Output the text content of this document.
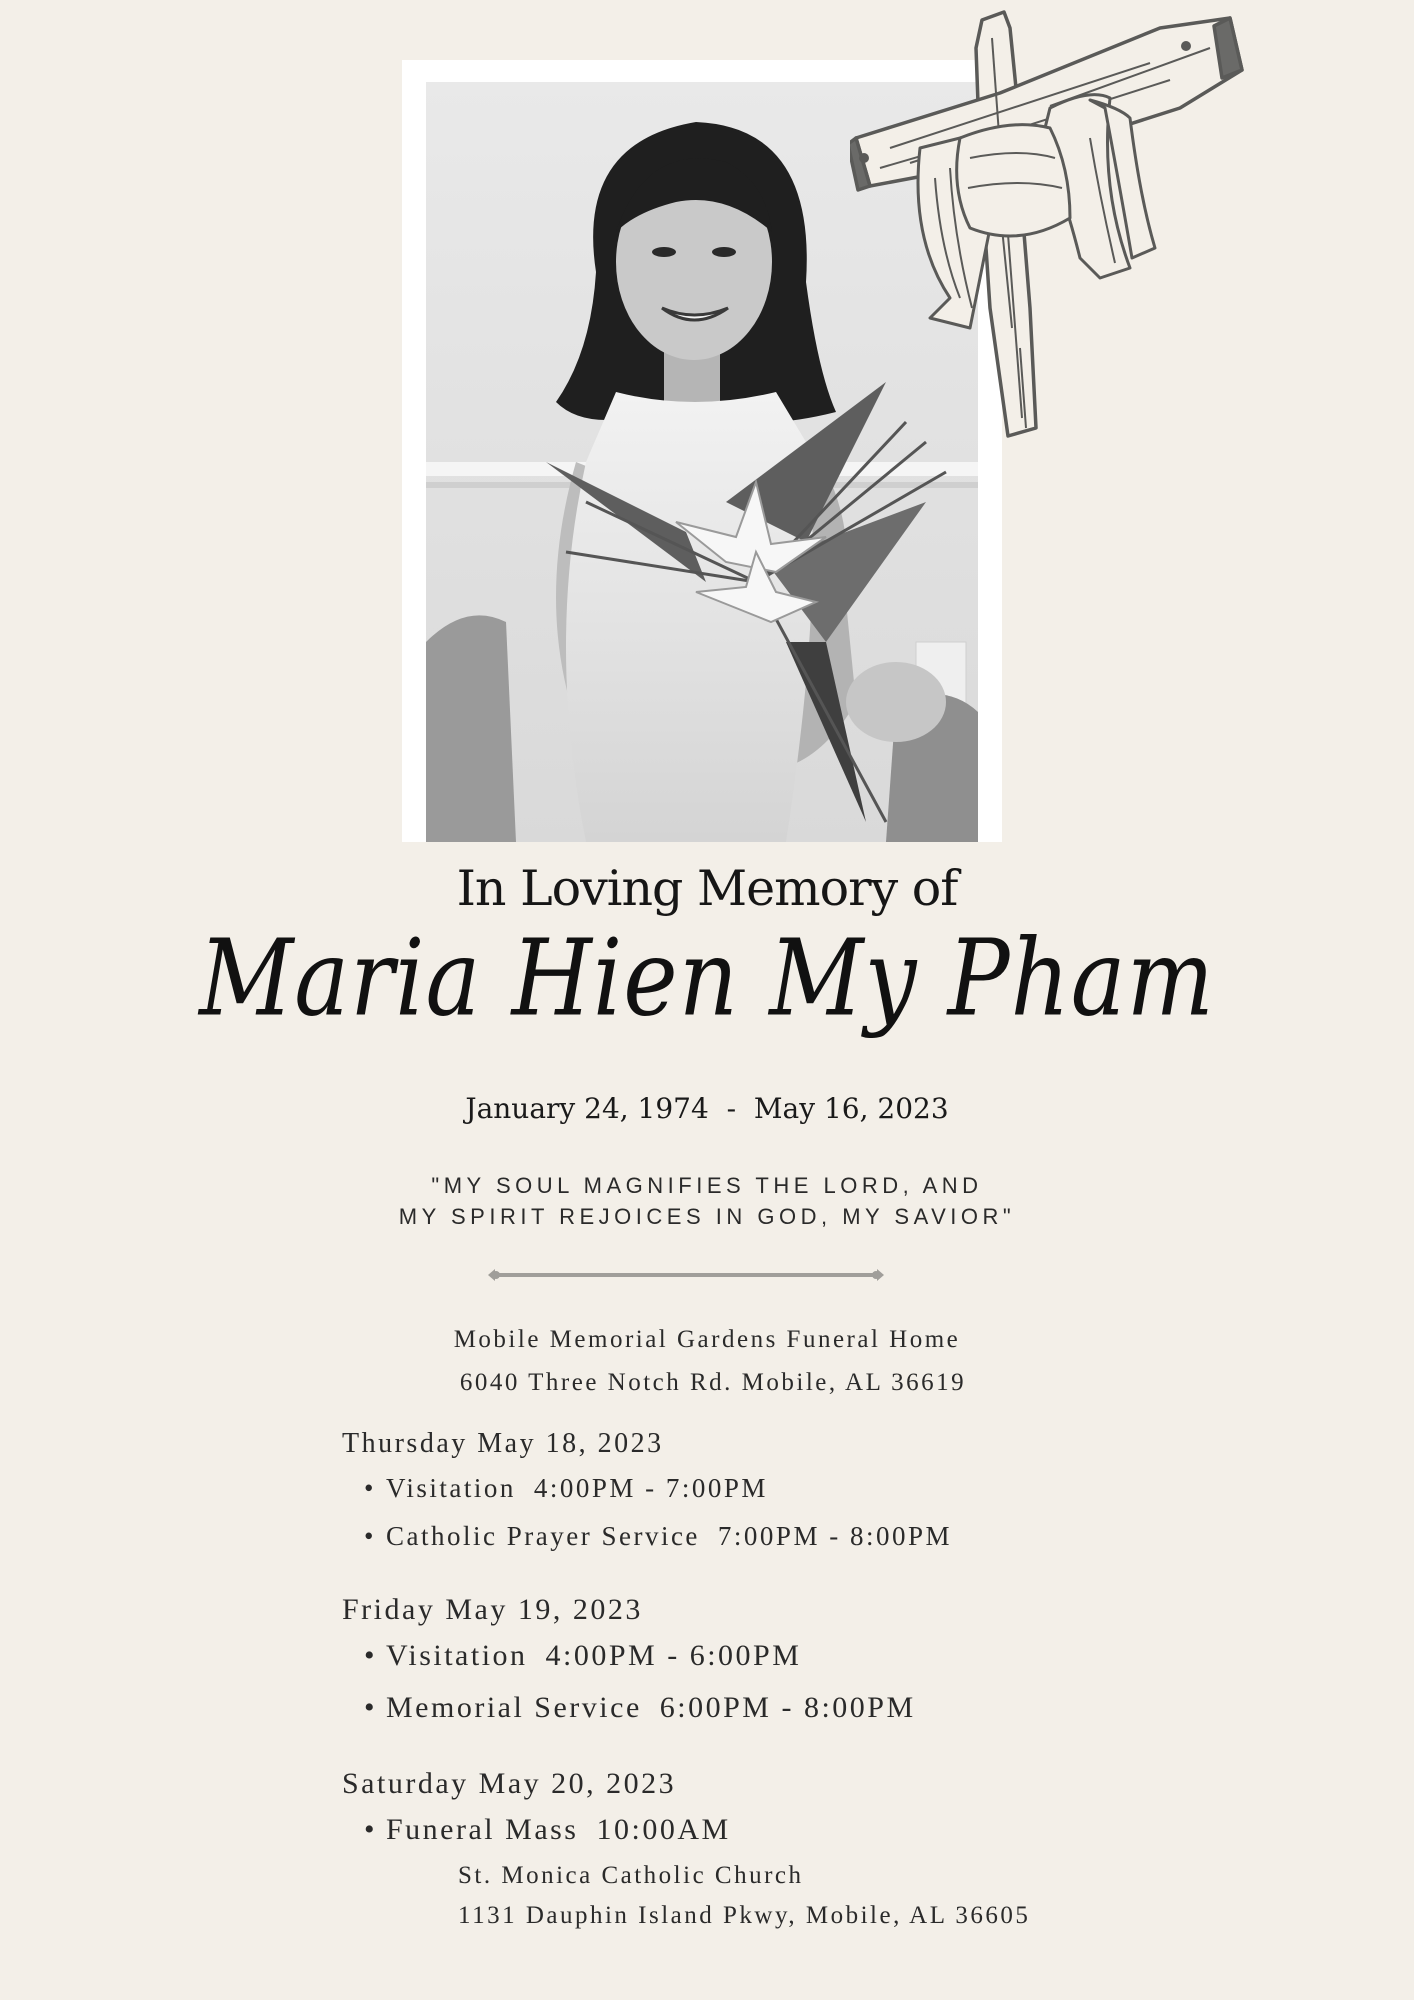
In Loving Memory of
Maria Hien My Pham
January 24, 1974  -  May 16, 2023
"MY SOUL MAGNIFIES THE LORD, AND
MY SPIRIT REJOICES IN GOD, MY SAVIOR"
Mobile Memorial Gardens Funeral Home
6040 Three Notch Rd. Mobile, AL 36619
Thursday May 18, 2023
• Visitation 4:00PM - 7:00PM
• Catholic Prayer Service 7:00PM - 8:00PM
Friday May 19, 2023
• Visitation 4:00PM - 6:00PM
• Memorial Service 6:00PM - 8:00PM
Saturday May 20, 2023
• Funeral Mass 10:00AM
St. Monica Catholic Church
1131 Dauphin Island Pkwy, Mobile, AL 36605
